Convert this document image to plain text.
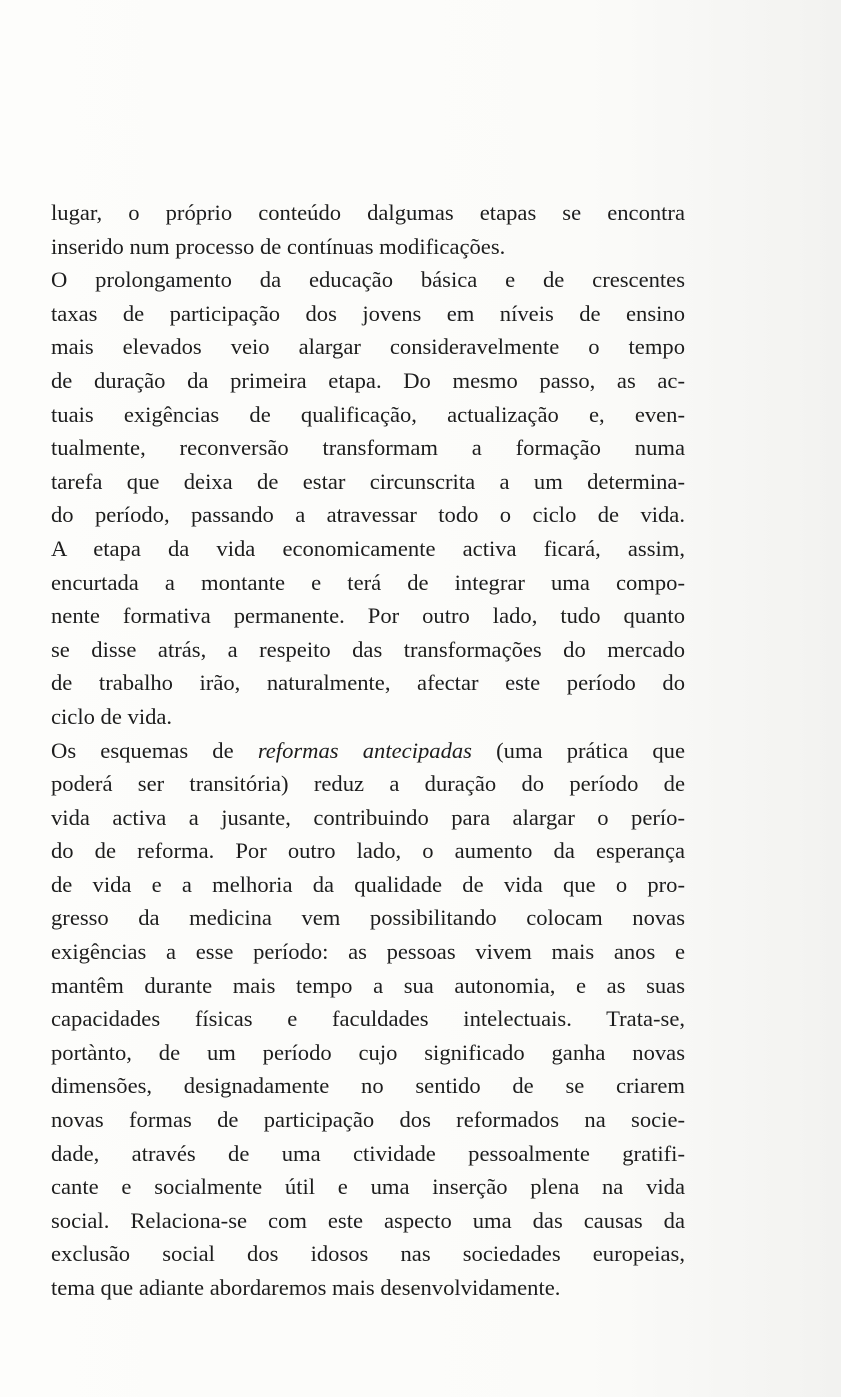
lugar, o próprio conteúdo dalgumas etapas se encontra
inserido num processo de contínuas modificações.
O prolongamento da educação básica e de crescentes
taxas de participação dos jovens em níveis de ensino
mais elevados veio alargar consideravelmente o tempo
de duração da primeira etapa. Do mesmo passo, as ac-
tuais exigências de qualificação, actualização e, even-
tualmente, reconversão transformam a formação numa
tarefa que deixa de estar circunscrita a um determina-
do período, passando a atravessar todo o ciclo de vida.
A etapa da vida economicamente activa ficará, assim,
encurtada a montante e terá de integrar uma compo-
nente formativa permanente. Por outro lado, tudo quanto
se disse atrás, a respeito das transformações do mercado
de trabalho irão, naturalmente, afectar este período do
ciclo de vida.
Os esquemas de reformas antecipadas (uma prática que
poderá ser transitória) reduz a duração do período de
vida activa a jusante, contribuindo para alargar o perío-
do de reforma. Por outro lado, o aumento da esperança
de vida e a melhoria da qualidade de vida que o pro-
gresso da medicina vem possibilitando colocam novas
exigências a esse período: as pessoas vivem mais anos e
mantêm durante mais tempo a sua autonomia, e as suas
capacidades físicas e faculdades intelectuais. Trata-se,
portànto, de um período cujo significado ganha novas
dimensões, designadamente no sentido de se criarem
novas formas de participação dos reformados na socie-
dade, através de uma ctividade pessoalmente gratifi-
cante e socialmente útil e uma inserção plena na vida
social. Relaciona-se com este aspecto uma das causas da
exclusão social dos idosos nas sociedades europeias,
tema que adiante abordaremos mais desenvolvidamente.
